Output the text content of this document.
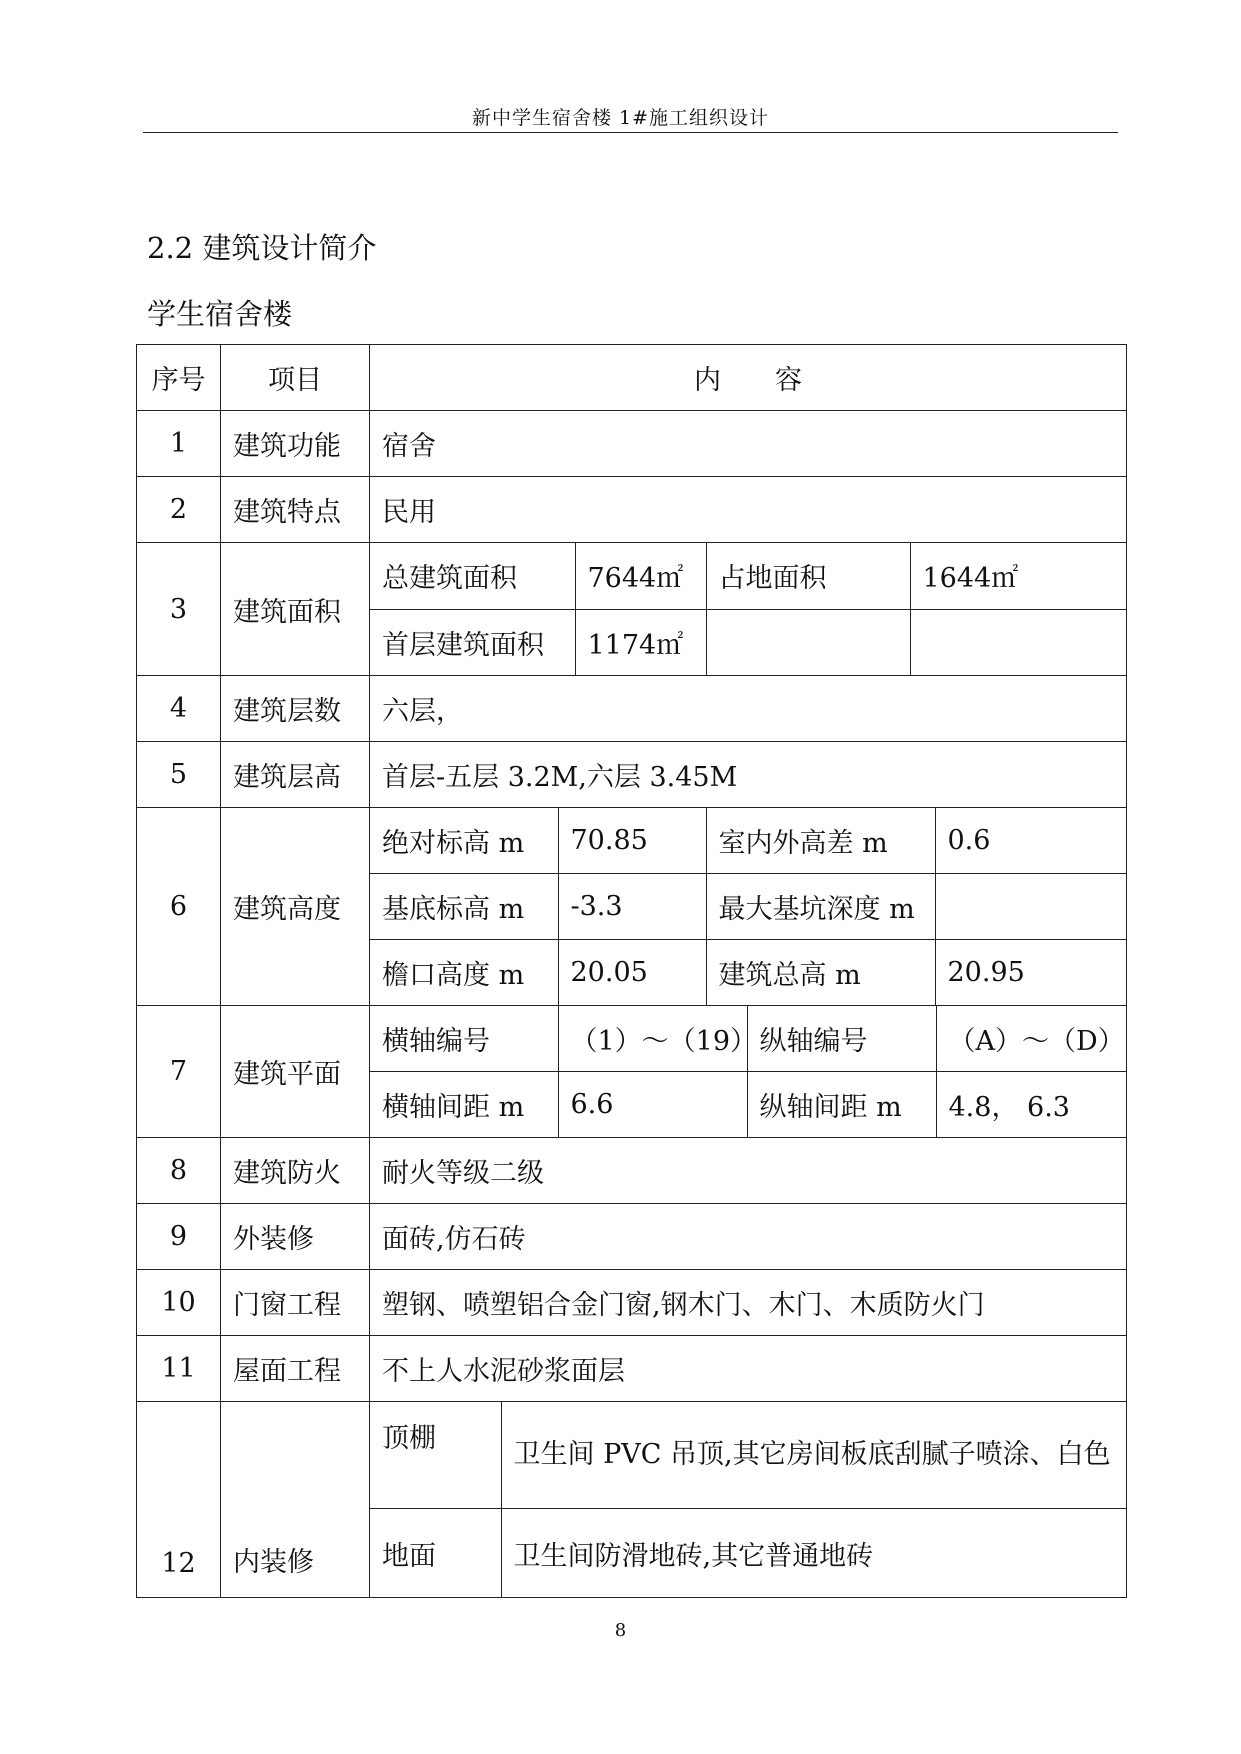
新中学生宿舍楼 1#施工组织设计
2.2 建筑设计简介
学生宿舍楼
序号	项目	内　　容
1	建筑功能	宿舍
2	建筑特点	民用
3	建筑面积	
总建筑面积	7644㎡	占地面积	1644㎡
首层建筑面积	1174㎡		

4	建筑层数	六层，
5	建筑层高	首层-五层 3.2M,六层 3.45M
6	建筑高度	
绝对标高 m	70.85	室内外高差 m	0.6
基底标高 m	-3.3	最大基坑深度 m	
檐口高度 m	20.05	建筑总高 m	20.95

7	建筑平面	
横轴编号	（1）～（19）	纵轴编号	（A）～（D）
横轴间距 m	6.6	纵轴间距 m	4.8， 6.3

8	建筑防火	耐火等级二级
9	外装修	面砖,仿石砖
10	门窗工程	塑钢、喷塑铝合金门窗,钢木门、木门、木质防火门
11	屋面工程	不上人水泥砂浆面层
12	内装修	
顶棚	卫生间 PVC 吊顶,其它房间板底刮腻子喷涂、白色
地面	卫生间防滑地砖,其它普通地砖
8
